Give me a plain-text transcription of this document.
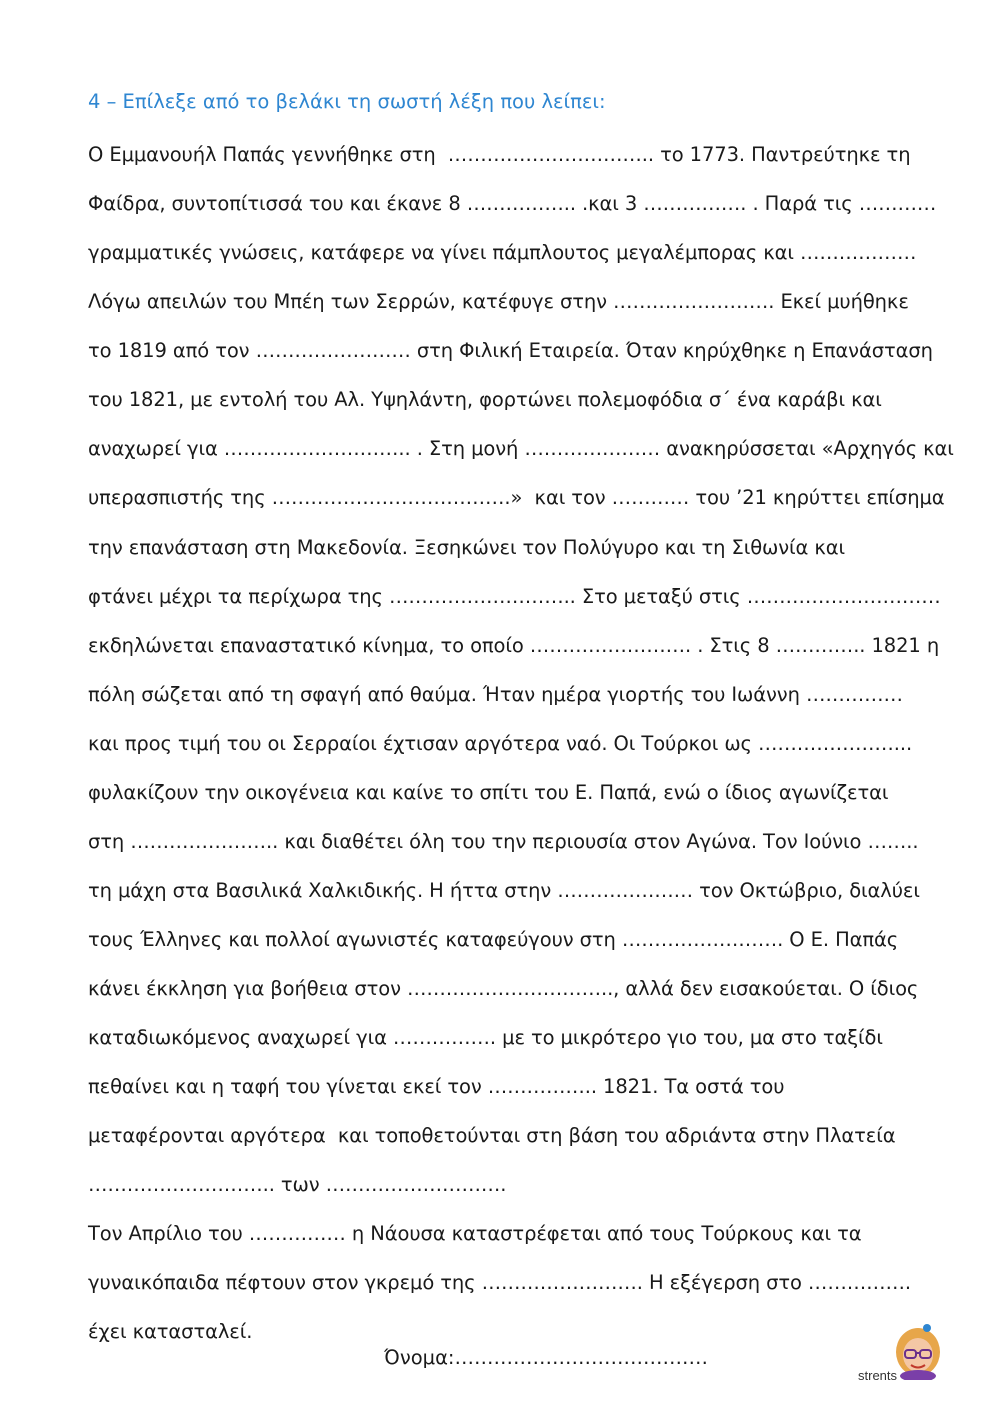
4 – Επίλεξε από το βελάκι τη σωστή λέξη που λείπει:
Ο Εμμανουήλ Παπάς γεννήθηκε στη  ………………………….. το 1773. Παντρεύτηκε τη
Φαίδρα, συντοπίτισσά του και έκανε 8 …………….. .και 3 ……………. . Παρά τις …………
γραμματικές γνώσεις, κατάφερε να γίνει πάμπλουτος μεγαλέμπορας και ………………
Λόγω απειλών του Μπέη των Σερρών, κατέφυγε στην ……………………. Εκεί μυήθηκε
το 1819 από τον …………………… στη Φιλική Εταιρεία. Όταν κηρύχθηκε η Επανάσταση
του 1821, με εντολή του Αλ. Υψηλάντη, φορτώνει πολεμοφόδια σ΄ ένα καράβι και
αναχωρεί για ……………………….. . Στη μονή ………………… ανακηρύσσεται «Αρχηγός και
υπερασπιστής της ……………………………….»  και τον ………… του ’21 κηρύττει επίσημα
την επανάσταση στη Μακεδονία. Ξεσηκώνει τον Πολύγυρο και τη Σιθωνία και
φτάνει μέχρι τα περίχωρα της ……………………….. Στο μεταξύ στις …………………………
εκδηλώνεται επαναστατικό κίνημα, το οποίο ……………………. . Στις 8 ………….. 1821 η
πόλη σώζεται από τη σφαγή από θαύμα. Ήταν ημέρα γιορτής του Ιωάννη ……………
και προς τιμή του οι Σερραίοι έχτισαν αργότερα ναό. Οι Τούρκοι ως …………………...
φυλακίζουν την οικογένεια και καίνε το σπίτι του Ε. Παπά, ενώ ο ίδιος αγωνίζεται
στη ………………….. και διαθέτει όλη του την περιουσία στον Αγώνα. Τον Ιούνιο ……..
τη μάχη στα Βασιλικά Χαλκιδικής. Η ήττα στην ………………… τον Οκτώβριο, διαλύει
τους Έλληνες και πολλοί αγωνιστές καταφεύγουν στη ……………………. Ο Ε. Παπάς
κάνει έκκληση για βοήθεια στον ………………………….., αλλά δεν εισακούεται. Ο ίδιος
καταδιωκόμενος αναχωρεί για ……………. με το μικρότερο γιο του, μα στο ταξίδι
πεθαίνει και η ταφή του γίνεται εκεί τον …………….. 1821. Τα οστά του
μεταφέρονται αργότερα  και τοποθετούνται στη βάση του αδριάντα στην Πλατεία
……………………….. των ……………………….
Τον Απρίλιο του …………… η Νάουσα καταστρέφεται από τους Τούρκους και τα
γυναικόπαιδα πέφτουν στον γκρεμό της ……………………. Η εξέγερση στο …………….
έχει κατασταλεί.
Όνομα:…………………………………
strents
